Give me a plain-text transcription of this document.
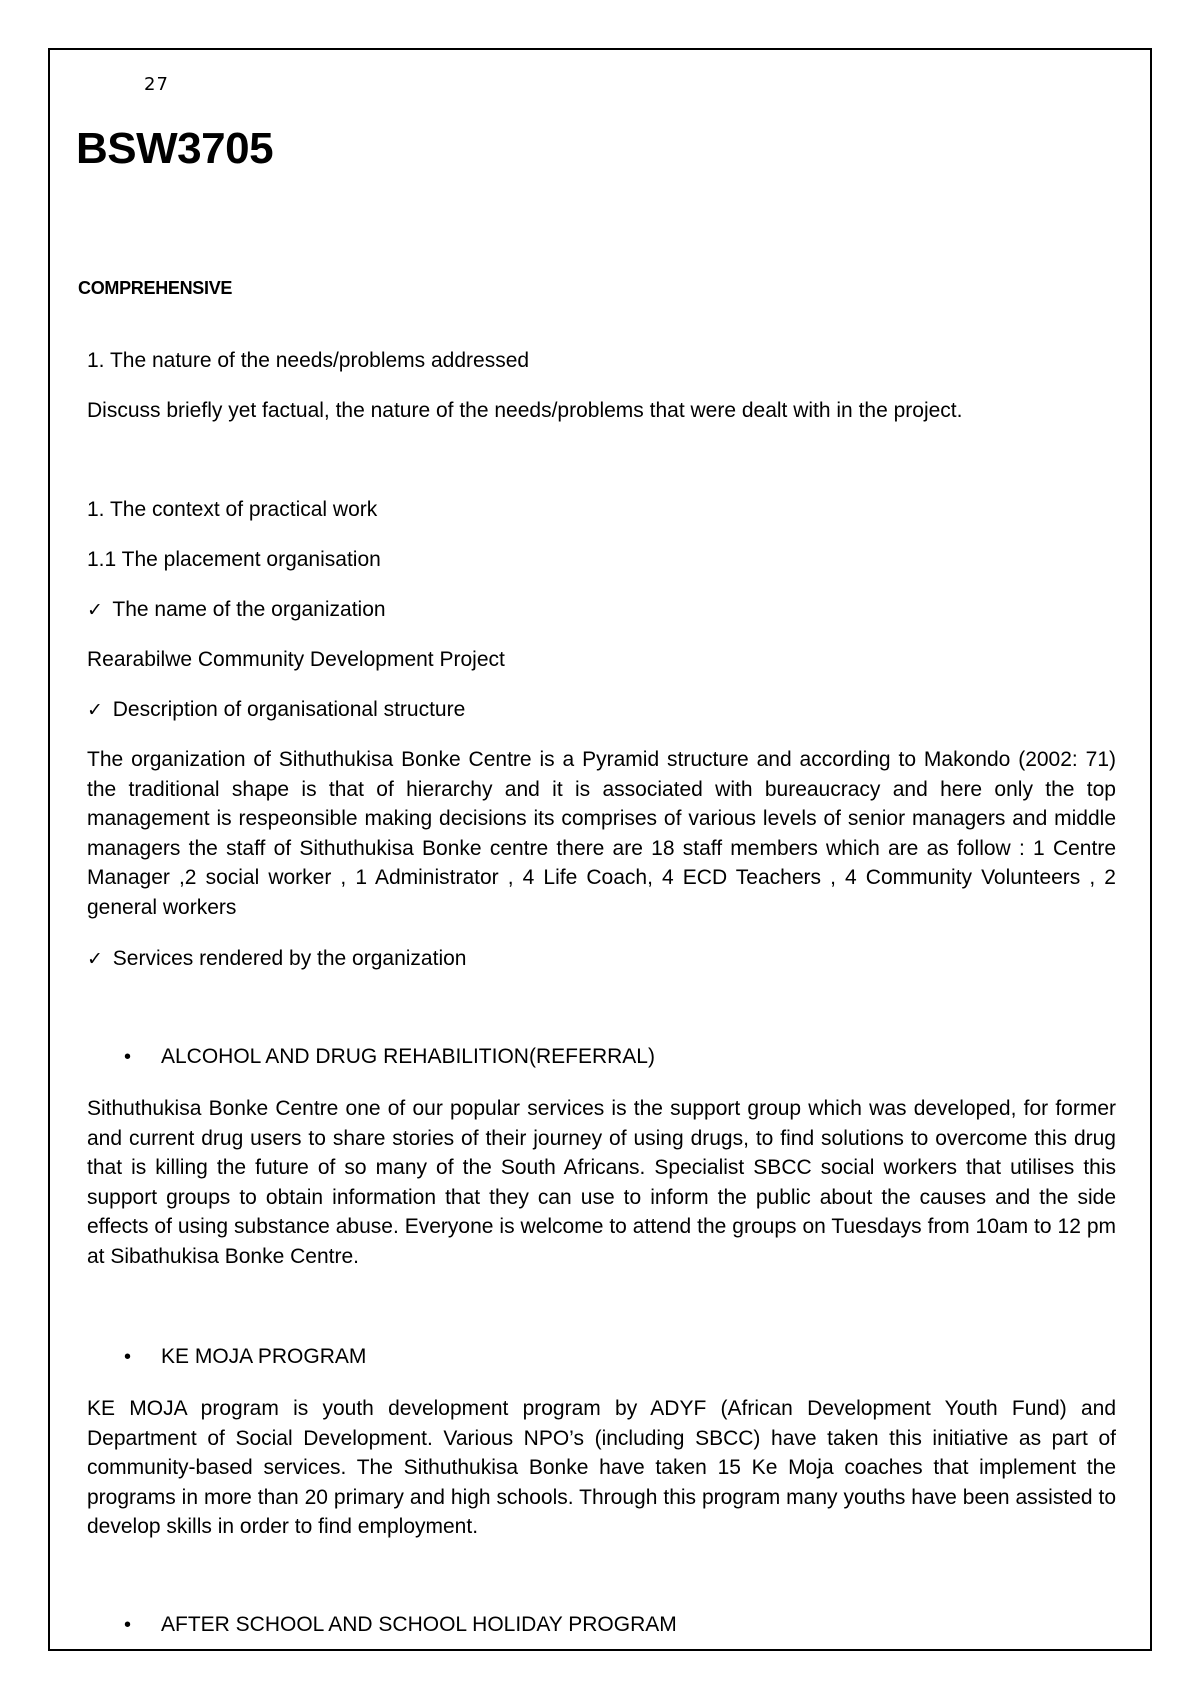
27
BSW3705
COMPREHENSIVE
1. The nature of the needs/problems addressed
Discuss briefly yet factual, the nature of the needs/problems that were dealt with in the project.
1. The context of practical work
1.1 The placement organisation
✓ The name of the organization
Rearabilwe Community Development Project
✓ Description of organisational structure
The organization of Sithuthukisa Bonke Centre is a Pyramid structure and according to Makondo (2002: 71) the traditional shape is that of hierarchy and it is associated with bureaucracy and here only the top management is respeonsible making decisions its comprises of various levels of senior managers and middle managers the staff of Sithuthukisa Bonke centre there are 18 staff members which are as follow : 1 Centre Manager ,2 social worker , 1 Administrator , 4 Life Coach, 4 ECD Teachers , 4 Community Volunteers , 2 general workers
✓ Services rendered by the organization
• ALCOHOL AND DRUG REHABILITION(REFERRAL)
Sithuthukisa Bonke Centre one of our popular services is the support group which was developed, for former and current drug users to share stories of their journey of using drugs, to find solutions to overcome this drug that is killing the future of so many of the South Africans. Specialist SBCC social workers that utilises this support groups to obtain information that they can use to inform the public about the causes and the side effects of using substance abuse. Everyone is welcome to attend the groups on Tuesdays from 10am to 12 pm at Sibathukisa Bonke Centre.
• KE MOJA PROGRAM
KE MOJA program is youth development program by ADYF (African Development Youth Fund) and Department of Social Development. Various NPO’s (including SBCC) have taken this initiative as part of community-based services. The Sithuthukisa Bonke have taken 15 Ke Moja coaches that implement the programs in more than 20 primary and high schools. Through this program many youths have been assisted to develop skills in order to find employment.
• AFTER SCHOOL AND SCHOOL HOLIDAY PROGRAM
